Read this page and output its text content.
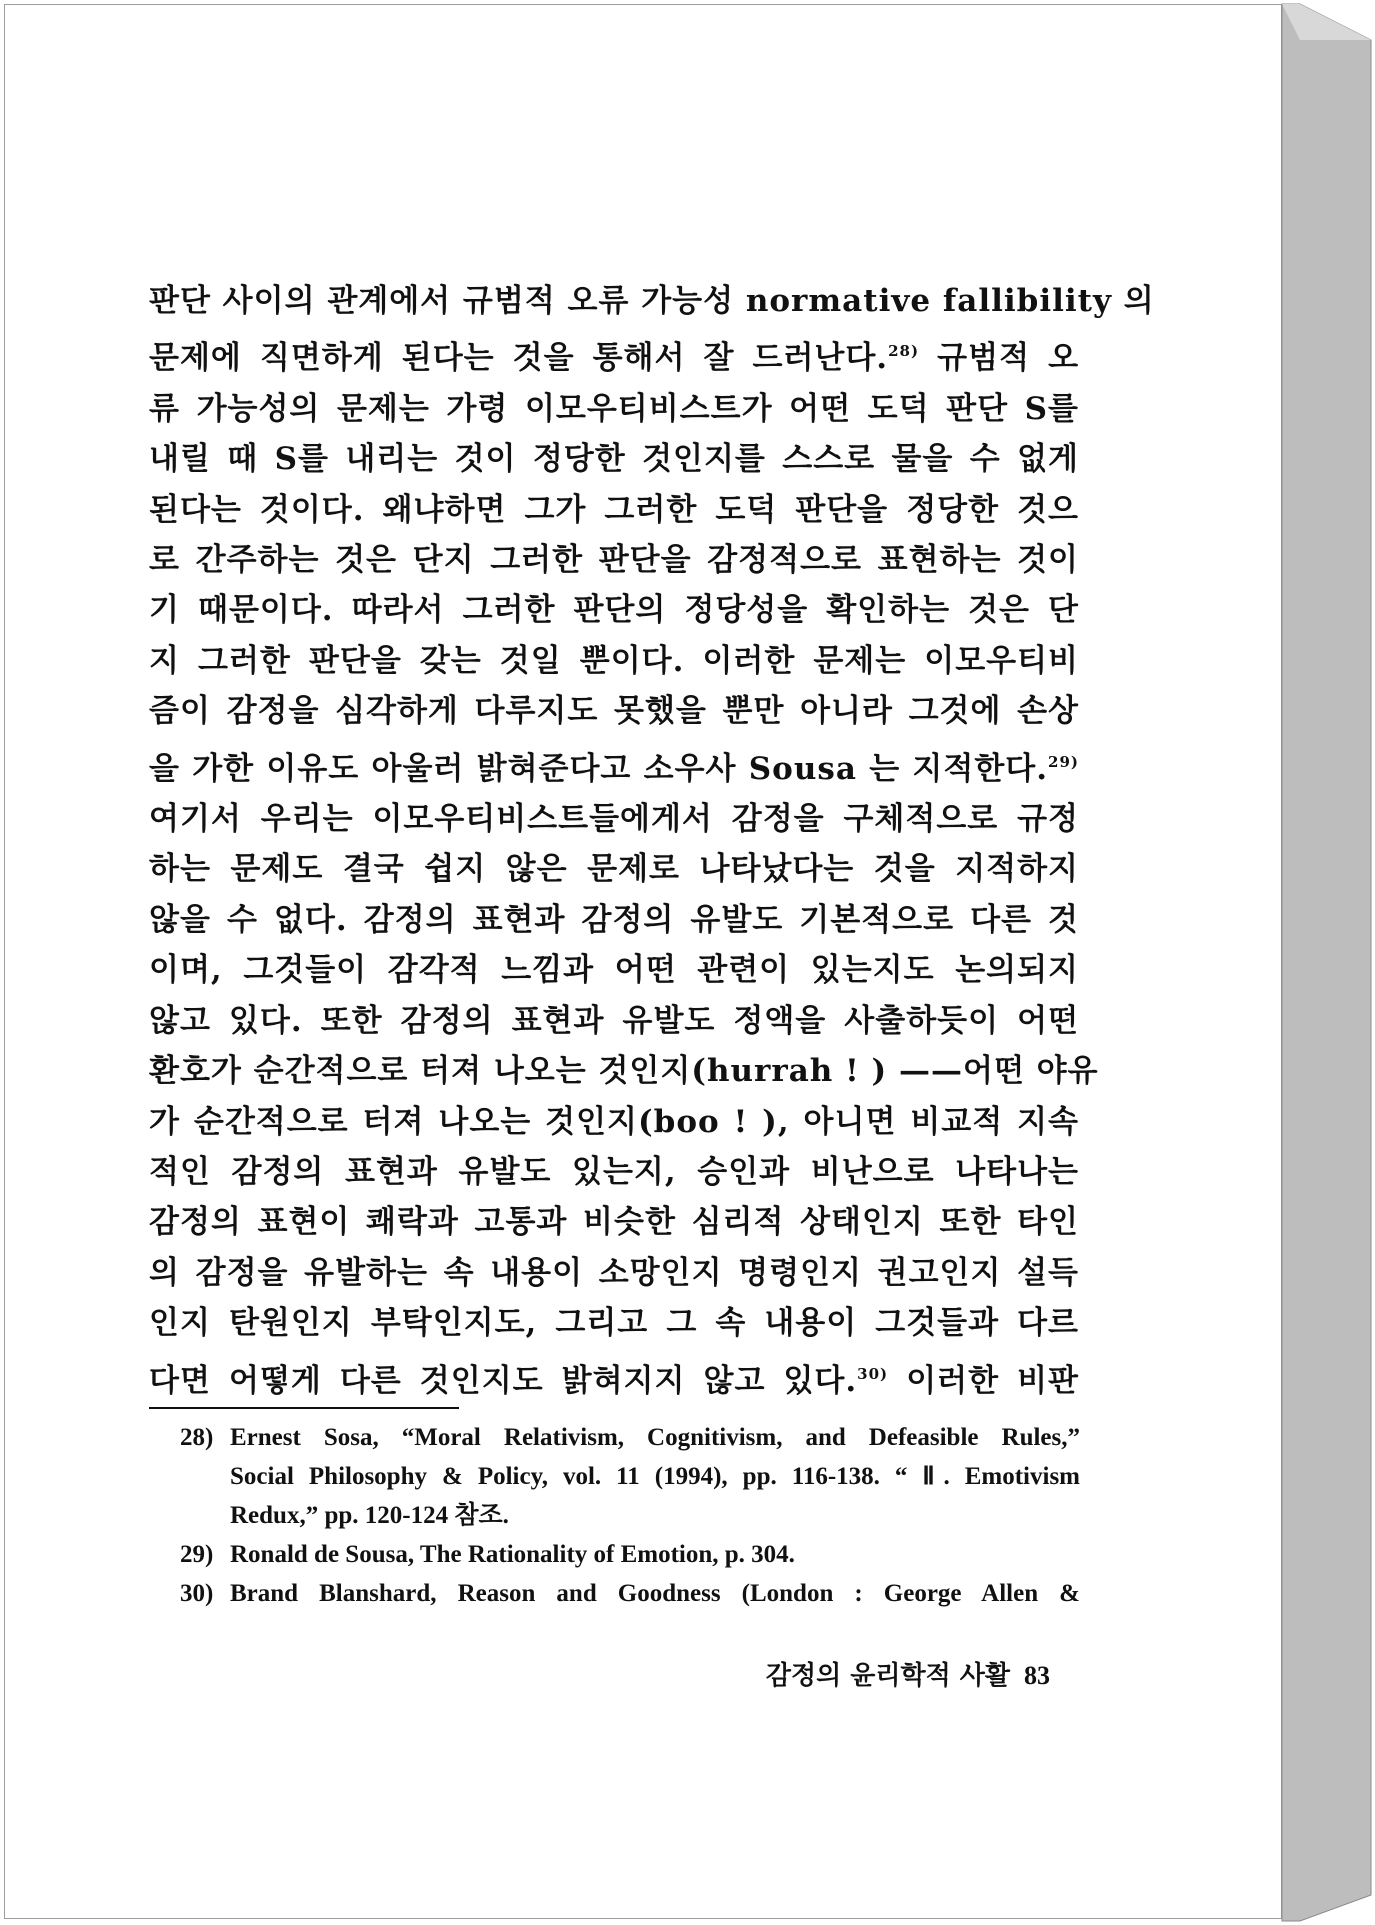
판단 사이의 관계에서 규범적 오류 가능성 normative fallibility 의
문제에 직면하게 된다는 것을 통해서 잘 드러난다.$^{28)}$ 규범적 오
류 가능성의 문제는 가령 이모우티비스트가 어떤 도덕 판단 S를
내릴 때 S를 내리는 것이 정당한 것인지를 스스로 물을 수 없게
된다는 것이다. 왜냐하면 그가 그러한 도덕 판단을 정당한 것으
로 간주하는 것은 단지 그러한 판단을 감정적으로 표현하는 것이
기 때문이다. 따라서 그러한 판단의 정당성을 확인하는 것은 단
지 그러한 판단을 갖는 것일 뿐이다. 이러한 문제는 이모우티비
즘이 감정을 심각하게 다루지도 못했을 뿐만 아니라 그것에 손상
을 가한 이유도 아울러 밝혀준다고 소우사 Sousa 는 지적한다.$^{29)}$
여기서 우리는 이모우티비스트들에게서 감정을 구체적으로 규정
하는 문제도 결국 쉽지 않은 문제로 나타났다는 것을 지적하지
않을 수 없다. 감정의 표현과 감정의 유발도 기본적으로 다른 것
이며, 그것들이 감각적 느낌과 어떤 관련이 있는지도 논의되지
않고 있다. 또한 감정의 표현과 유발도 정액을 사출하듯이 어떤
환호가 순간적으로 터져 나오는 것인지(hurrah ! ) ——어떤 야유
가 순간적으로 터져 나오는 것인지(boo ! ), 아니면 비교적 지속
적인 감정의 표현과 유발도 있는지, 승인과 비난으로 나타나는
감정의 표현이 쾌락과 고통과 비슷한 심리적 상태인지 또한 타인
의 감정을 유발하는 속 내용이 소망인지 명령인지 권고인지 설득
인지 탄원인지 부탁인지도, 그리고 그 속 내용이 그것들과 다르
다면 어떻게 다른 것인지도 밝혀지지 않고 있다.$^{30)}$ 이러한 비판
28) Ernest Sosa, “Moral Relativism, Cognitivism, and Defeasible Rules,”
Social Philosophy & Policy, vol. 11 (1994), pp. 116-138. “ Ⅱ. Emotivism
Redux,” pp. 120-124 참조.
29) Ronald de Sousa, The Rationality of Emotion, p. 304.
30) Brand Blanshard, Reason and Goodness (London : George Allen &
감정의 윤리학적 사활 83
